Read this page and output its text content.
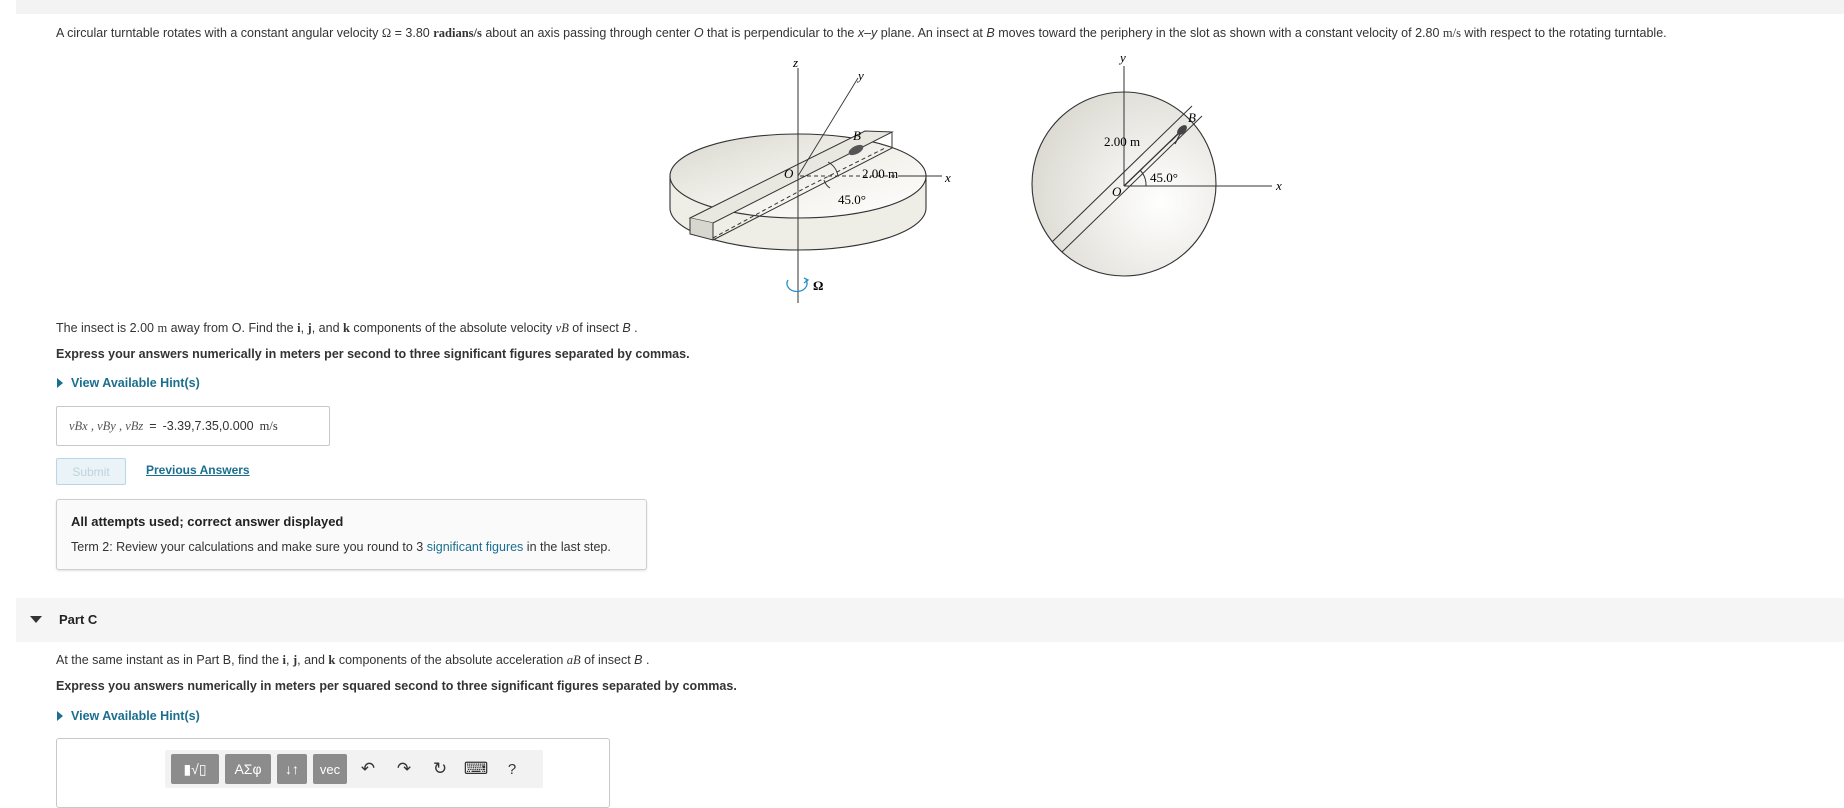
A circular turntable rotates with a constant angular velocity Ω = 3.80 radians/s about an axis passing through center O that is perpendicular to the x–y plane. An insect at B moves toward the periphery in the slot as shown with a constant velocity of 2.80 m/s with respect to the rotating turntable.
z
y
x
O
B
2.00 m
45.0°
Ω
y
x
O
B
2.00 m
45.0°
The insect is 2.00 m away from O. Find the i, j, and k components of the absolute velocity vB of insect B .
Express your answers numerically in meters per second to three significant figures separated by commas.
View Available Hint(s)
vBx , vBy , vBz = -3.39,7.35,0.000 m/s
Submit	Previous Answers
All attempts used; correct answer displayed
Term 2: Review your calculations and make sure you round to 3 significant figures in the last step.
Part C
At the same instant as in Part B, find the i, j, and k components of the absolute acceleration aB of insect B .
Express you answers numerically in meters per squared second to three significant figures separated by commas.
View Available Hint(s)
▮√▯	ΑΣφ	↓↑	vec	↶	↷	↻ ⌨	?
